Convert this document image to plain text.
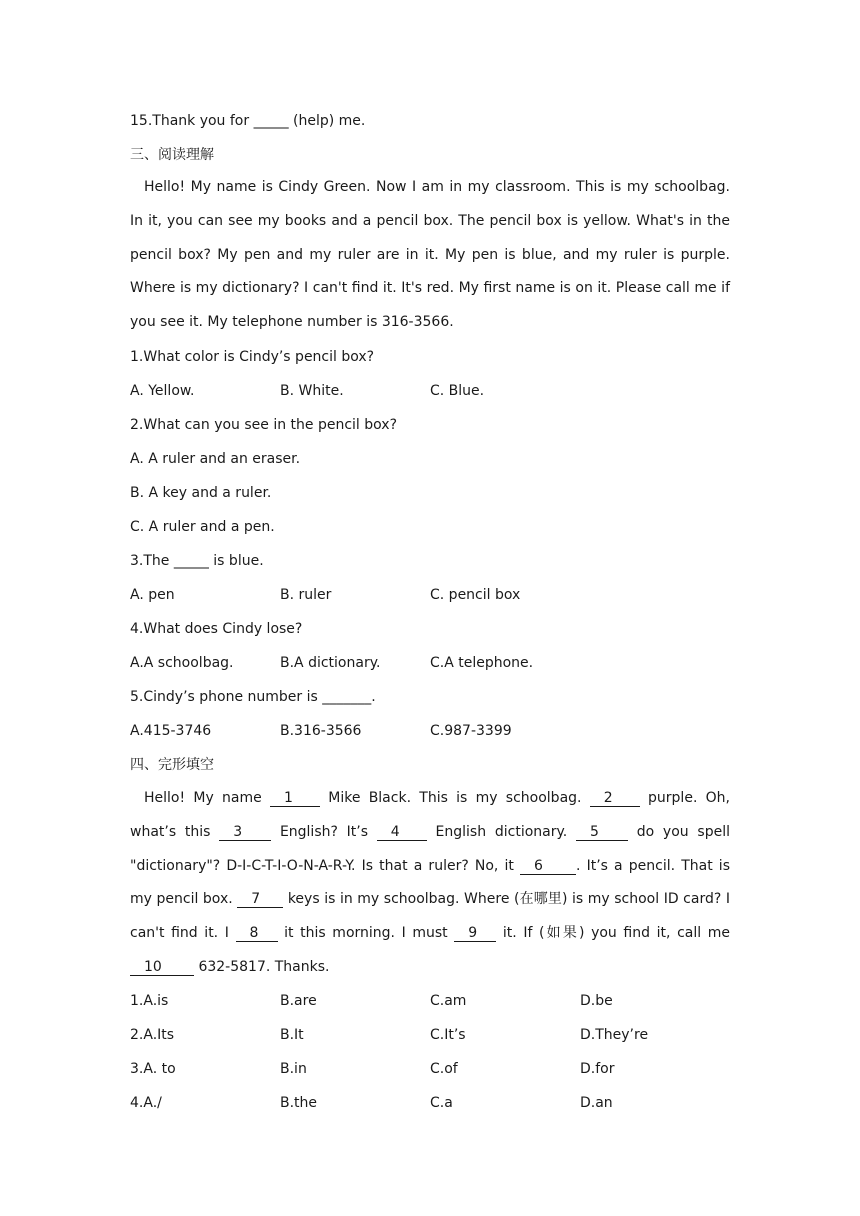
15.Thank you for _____ (help) me.
三、阅读理解
Hello! My name is Cindy Green. Now I am in my classroom. This is my schoolbag. In it, you can see my books and a pencil box. The pencil box is yellow. What's in the pencil box? My pen and my ruler are in it. My pen is blue, and my ruler is purple. Where is my dictionary? I can't find it. It's red. My first name is on it. Please call me if you see it. My telephone number is 316-3566.
1.What color is Cindy’s pencil box?
A. Yellow.	B. White.	C. Blue.
2.What can you see in the pencil box?
A. A ruler and an eraser.
B. A key and a ruler.
C. A ruler and a pen.
3.The _____ is blue.
A. pen	B. ruler	C. pencil box
4.What does Cindy lose?
A.A schoolbag.	B.A dictionary.	C.A telephone.
5.Cindy’s phone number is _______.
A.415-3746	B.316-3566	C.987-3399
四、完形填空
Hello! My name 1 Mike Black. This is my schoolbag. 2 purple. Oh, what’s this 3 English? It’s 4 English dictionary. 5 do you spell "dictionary"? D-I-C-T-I-O-N-A-R-Y. Is that a ruler? No, it 6 . It’s a pencil. That is my pencil box. 7 keys is in my schoolbag. Where (在哪里) is my school ID card? I can't find it. I 8 it this morning. I must 9 it. If (如果) you find it, call me 10 632-5817. Thanks.
1.A.is	B.are	C.am	D.be
2.A.Its	B.It	C.It’s	D.They’re
3.A. to	B.in	C.of	D.for
4.A./	B.the	C.a	D.an
